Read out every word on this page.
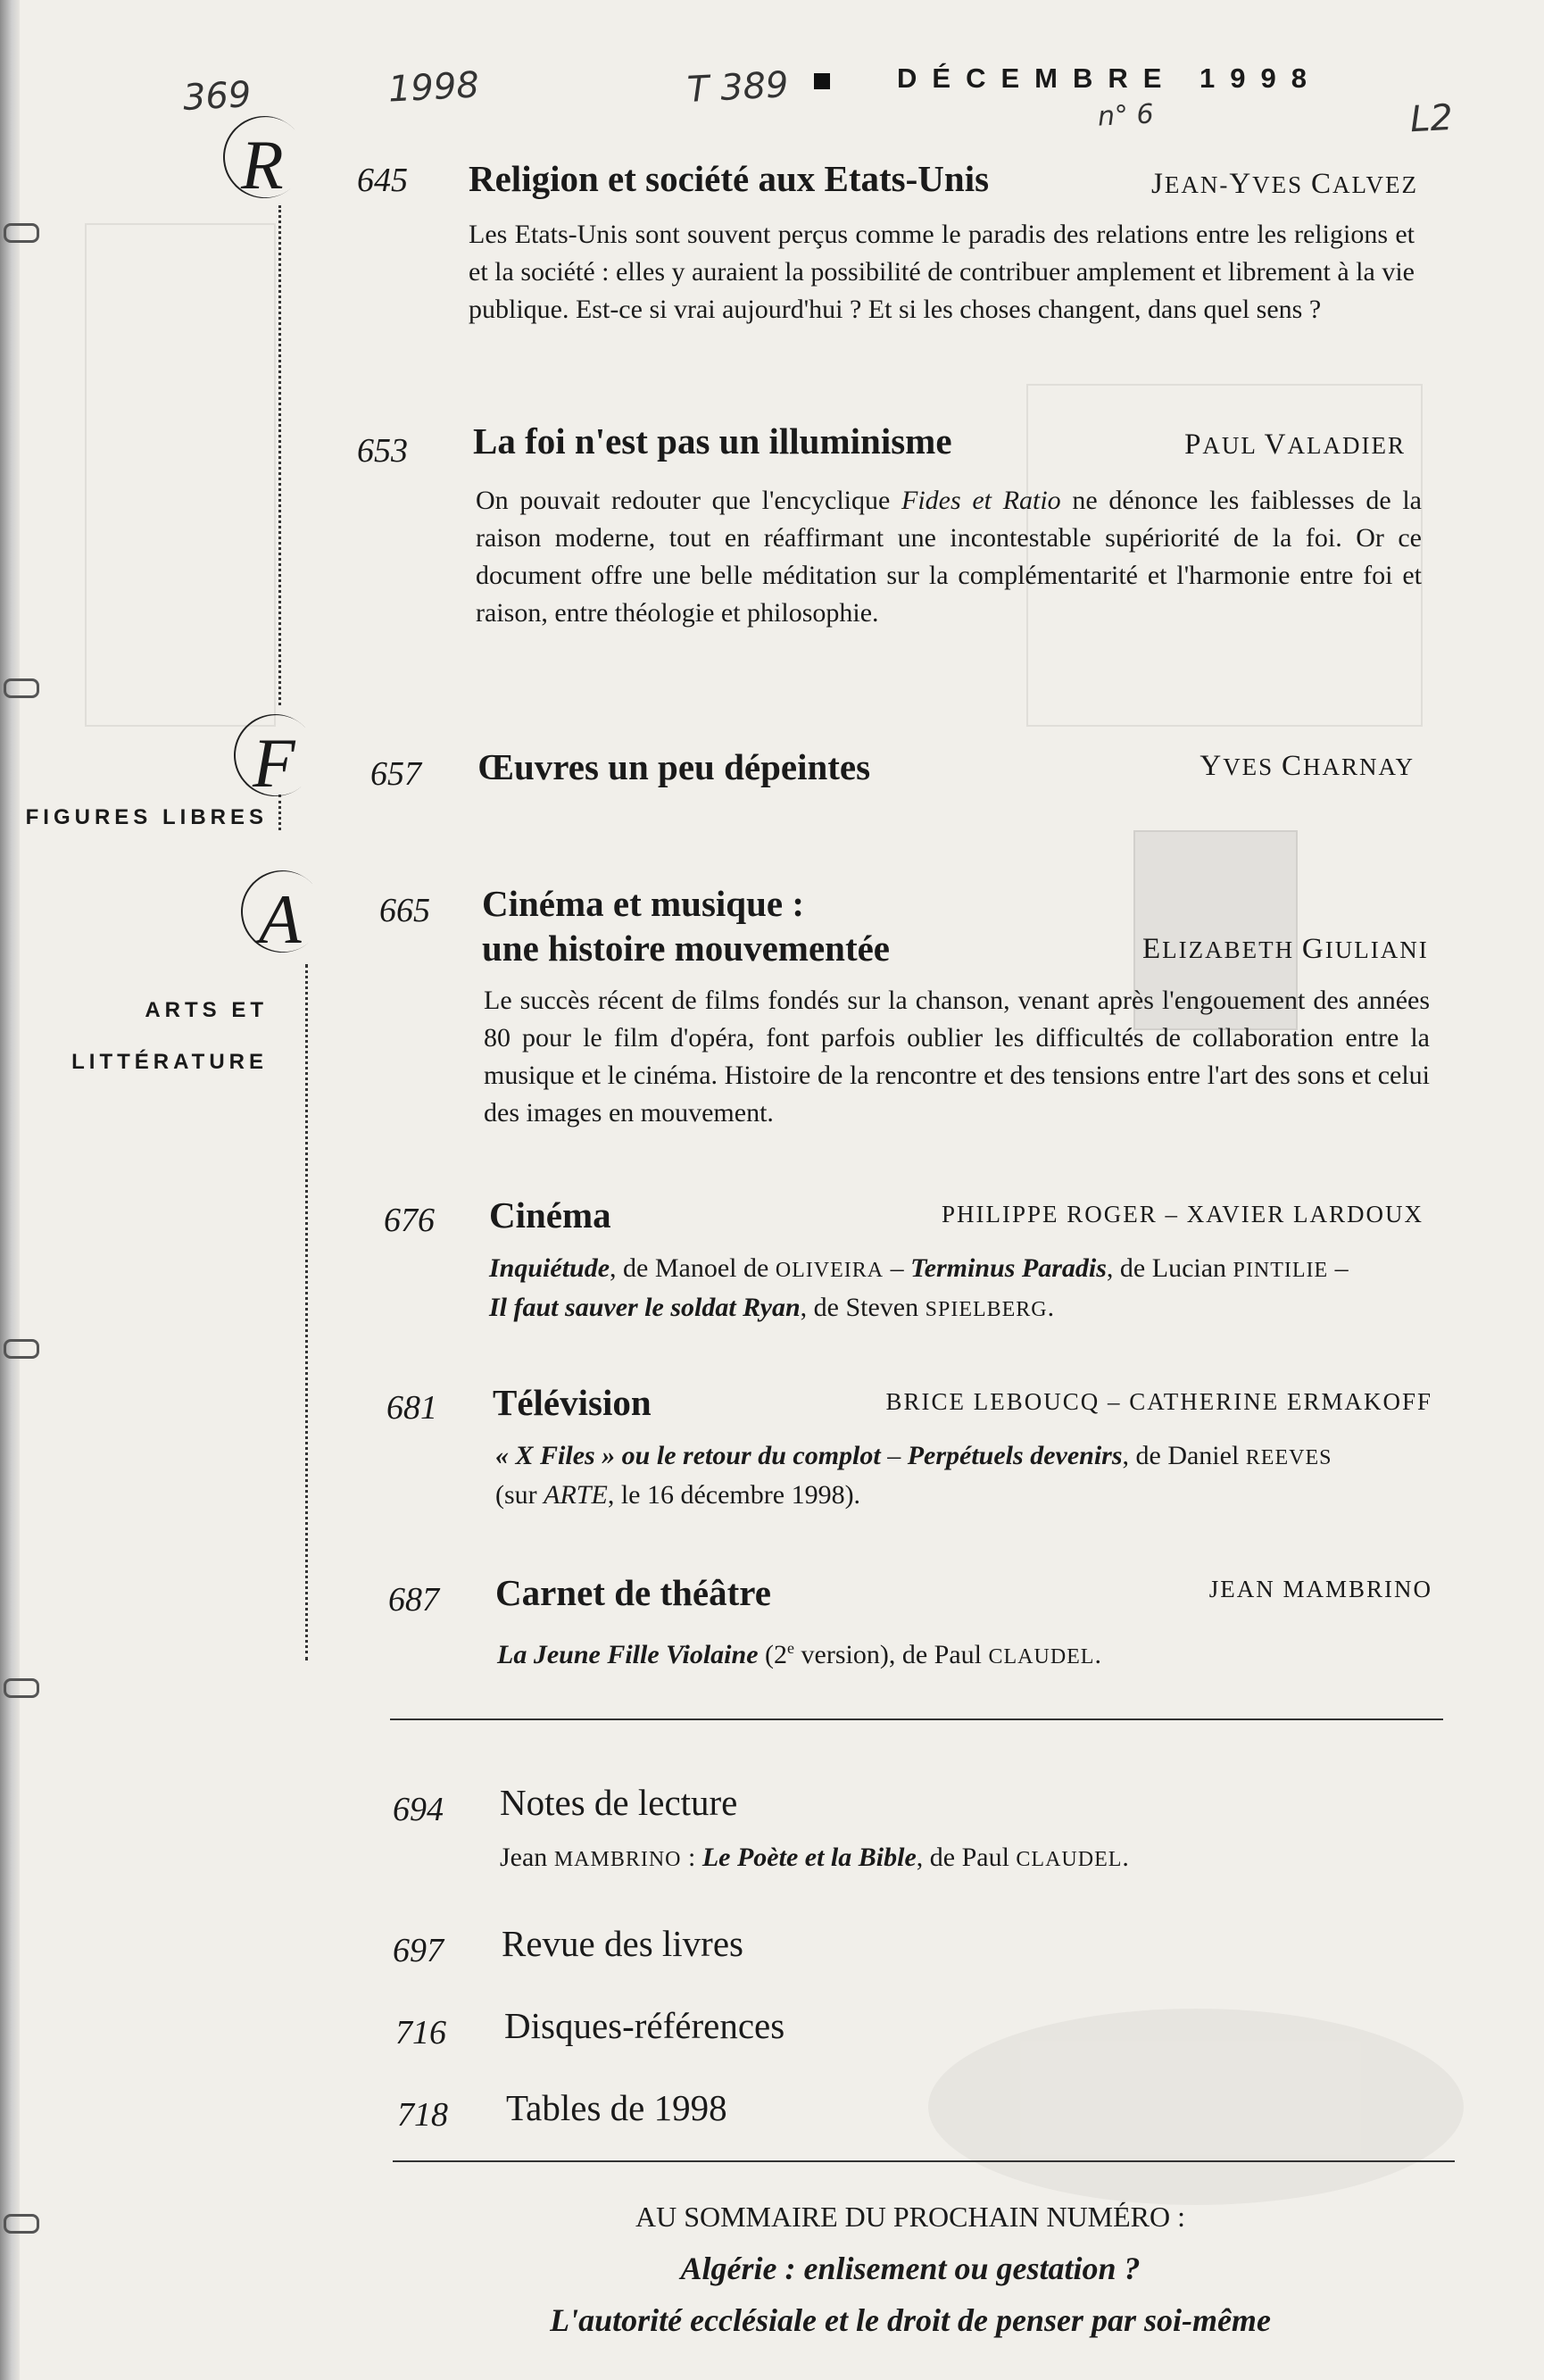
369	1998	T 389
n° 6	L2
DÉCEMBRE 1998
R
F
FIGURES LIBRES
A
ARTS ET
LITTÉRATURE
645 Religion et société aux Etats-Unis	JEAN-YVES CALVEZ
Les Etats-Unis sont souvent perçus comme le paradis des relations entre les religions et et la société : elles y auraient la possibilité de contribuer amplement et librement à la vie publique. Est-ce si vrai aujourd'hui ? Et si les choses changent, dans quel sens ?
653 La foi n'est pas un illuminisme	PAUL VALADIER
On pouvait redouter que l'encyclique Fides et Ratio ne dénonce les faiblesses de la raison moderne, tout en réaffirmant une incontestable supériorité de la foi. Or ce document offre une belle méditation sur la complémentarité et l'harmonie entre foi et raison, entre théologie et philosophie.
657 Œuvres un peu dépeintes	YVES CHARNAY
665 Cinéma et musique :
une histoire mouvementée	ELIZABETH GIULIANI
Le succès récent de films fondés sur la chanson, venant après l'engouement des années 80 pour le film d'opéra, font parfois oublier les difficultés de collaboration entre la musique et le cinéma. Histoire de la rencontre et des tensions entre l'art des sons et celui des images en mouvement.
676 Cinéma	PHILIPPE ROGER – XAVIER LARDOUX
Inquiétude, de Manoel de OLIVEIRA – Terminus Paradis, de Lucian PINTILIE –
Il faut sauver le soldat Ryan, de Steven SPIELBERG.
681 Télévision	BRICE LEBOUCQ – CATHERINE ERMAKOFF
« X Files » ou le retour du complot – Perpétuels devenirs, de Daniel REEVES
(sur ARTE, le 16 décembre 1998).
687 Carnet de théâtre	JEAN MAMBRINO
La Jeune Fille Violaine (2e version), de Paul CLAUDEL.
694 Notes de lecture
Jean MAMBRINO : Le Poète et la Bible, de Paul CLAUDEL.
697 Revue des livres
716 Disques-références
718 Tables de 1998
AU SOMMAIRE DU PROCHAIN NUMÉRO :
Algérie : enlisement ou gestation ?
L'autorité ecclésiale et le droit de penser par soi-même
